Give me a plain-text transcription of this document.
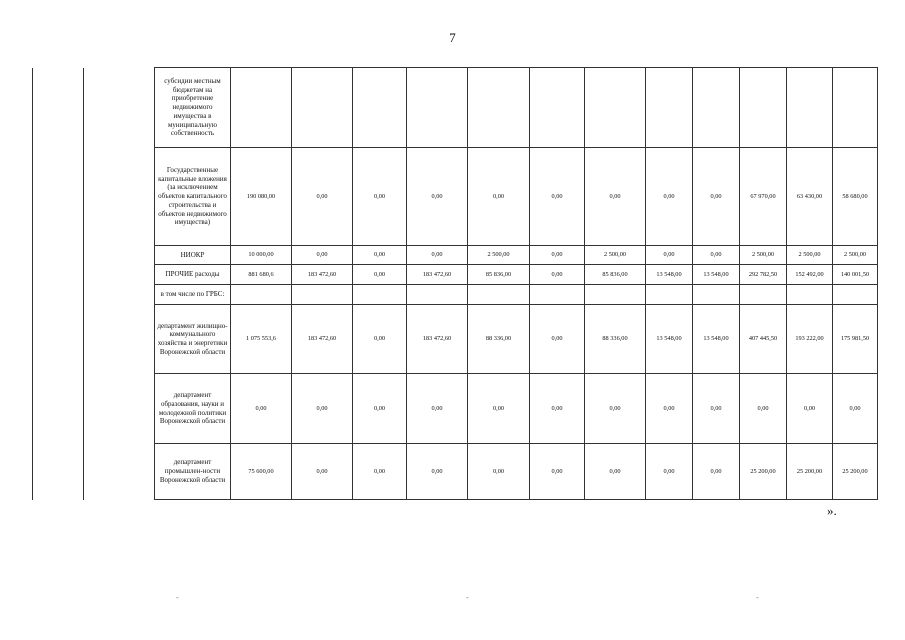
7
		субсидии местным бюджетам на приобретение недвижимого имущества в муниципальную собственность												
		Государственные капитальные вложения (за исключением объектов капитального строительства и объектов недвижимого имущества)	190 080,00	0,00	0,00	0,00	0,00	0,00	0,00	0,00	0,00	67 970,00	63 430,00	58 680,00
		НИОКР	10 000,00	0,00	0,00	0,00	2 500,00	0,00	2 500,00	0,00	0,00	2 500,00	2 500,00	2 500,00
		ПРОЧИЕ расходы	881 680,6	183 472,60	0,00	183 472,60	85 836,00	0,00	85 836,00	13 548,00	13 548,00	292 782,50	152 492,00	140 001,50
		в том числе по ГРБС:												
		департамент жилищно-коммунального хозяйства и энергетики Воронежской области	1 075 553,6	183 472,60	0,00	183 472,60	88 336,00	0,00	88 336,00	13 548,00	13 548,00	407 445,50	193 222,00	175 981,50
		департамент образования, науки и молодежной политики Воронежской области	0,00	0,00	0,00	0,00	0,00	0,00	0,00	0,00	0,00	0,00	0,00	0,00
		департамент промышлен-ности Воронежской области	75 600,00	0,00	0,00	0,00	0,00	0,00	0,00	0,00	0,00	25 200,00	25 200,00	25 200,00
».
-	-	-
